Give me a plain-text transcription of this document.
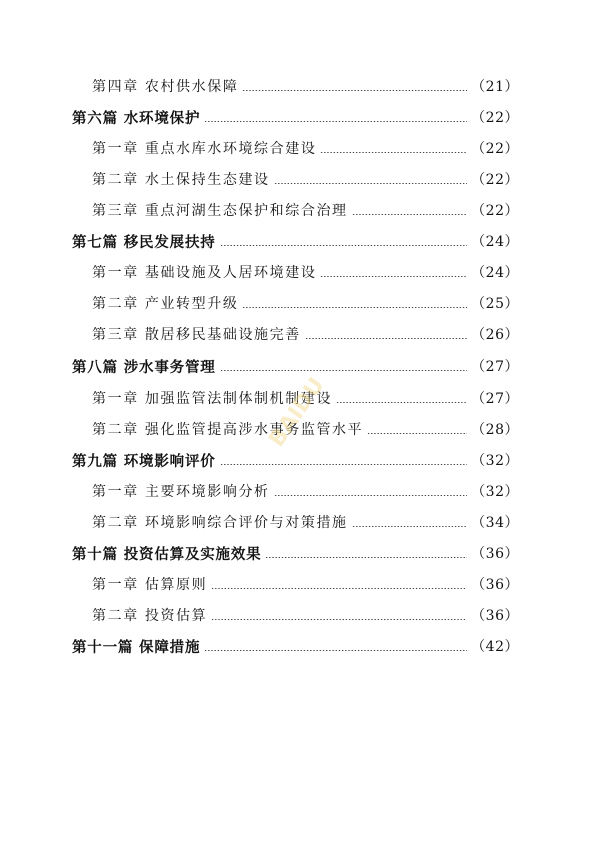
第四章 农村供水保障	（21）
第六篇 水环境保护	（22）
第一章 重点水库水环境综合建设	（22）
第二章 水土保持生态建设	（22）
第三章 重点河湖生态保护和综合治理	（22）
第七篇 移民发展扶持	（24）
第一章 基础设施及人居环境建设	（24）
第二章 产业转型升级	（25）
第三章 散居移民基础设施完善	（26）
第八篇 涉水事务管理	（27）
第一章 加强监管法制体制机制建设	（27）
第二章 强化监管提高涉水事务监管水平	（28）
第九篇 环境影响评价	（32）
第一章 主要环境影响分析	（32）
第二章 环境影响综合评价与对策措施	（34）
第十篇 投资估算及实施效果	（36）
第一章 估算原则	（36）
第二章 投资估算	（36）
第十一篇 保障措施	（42）
BAIDU
